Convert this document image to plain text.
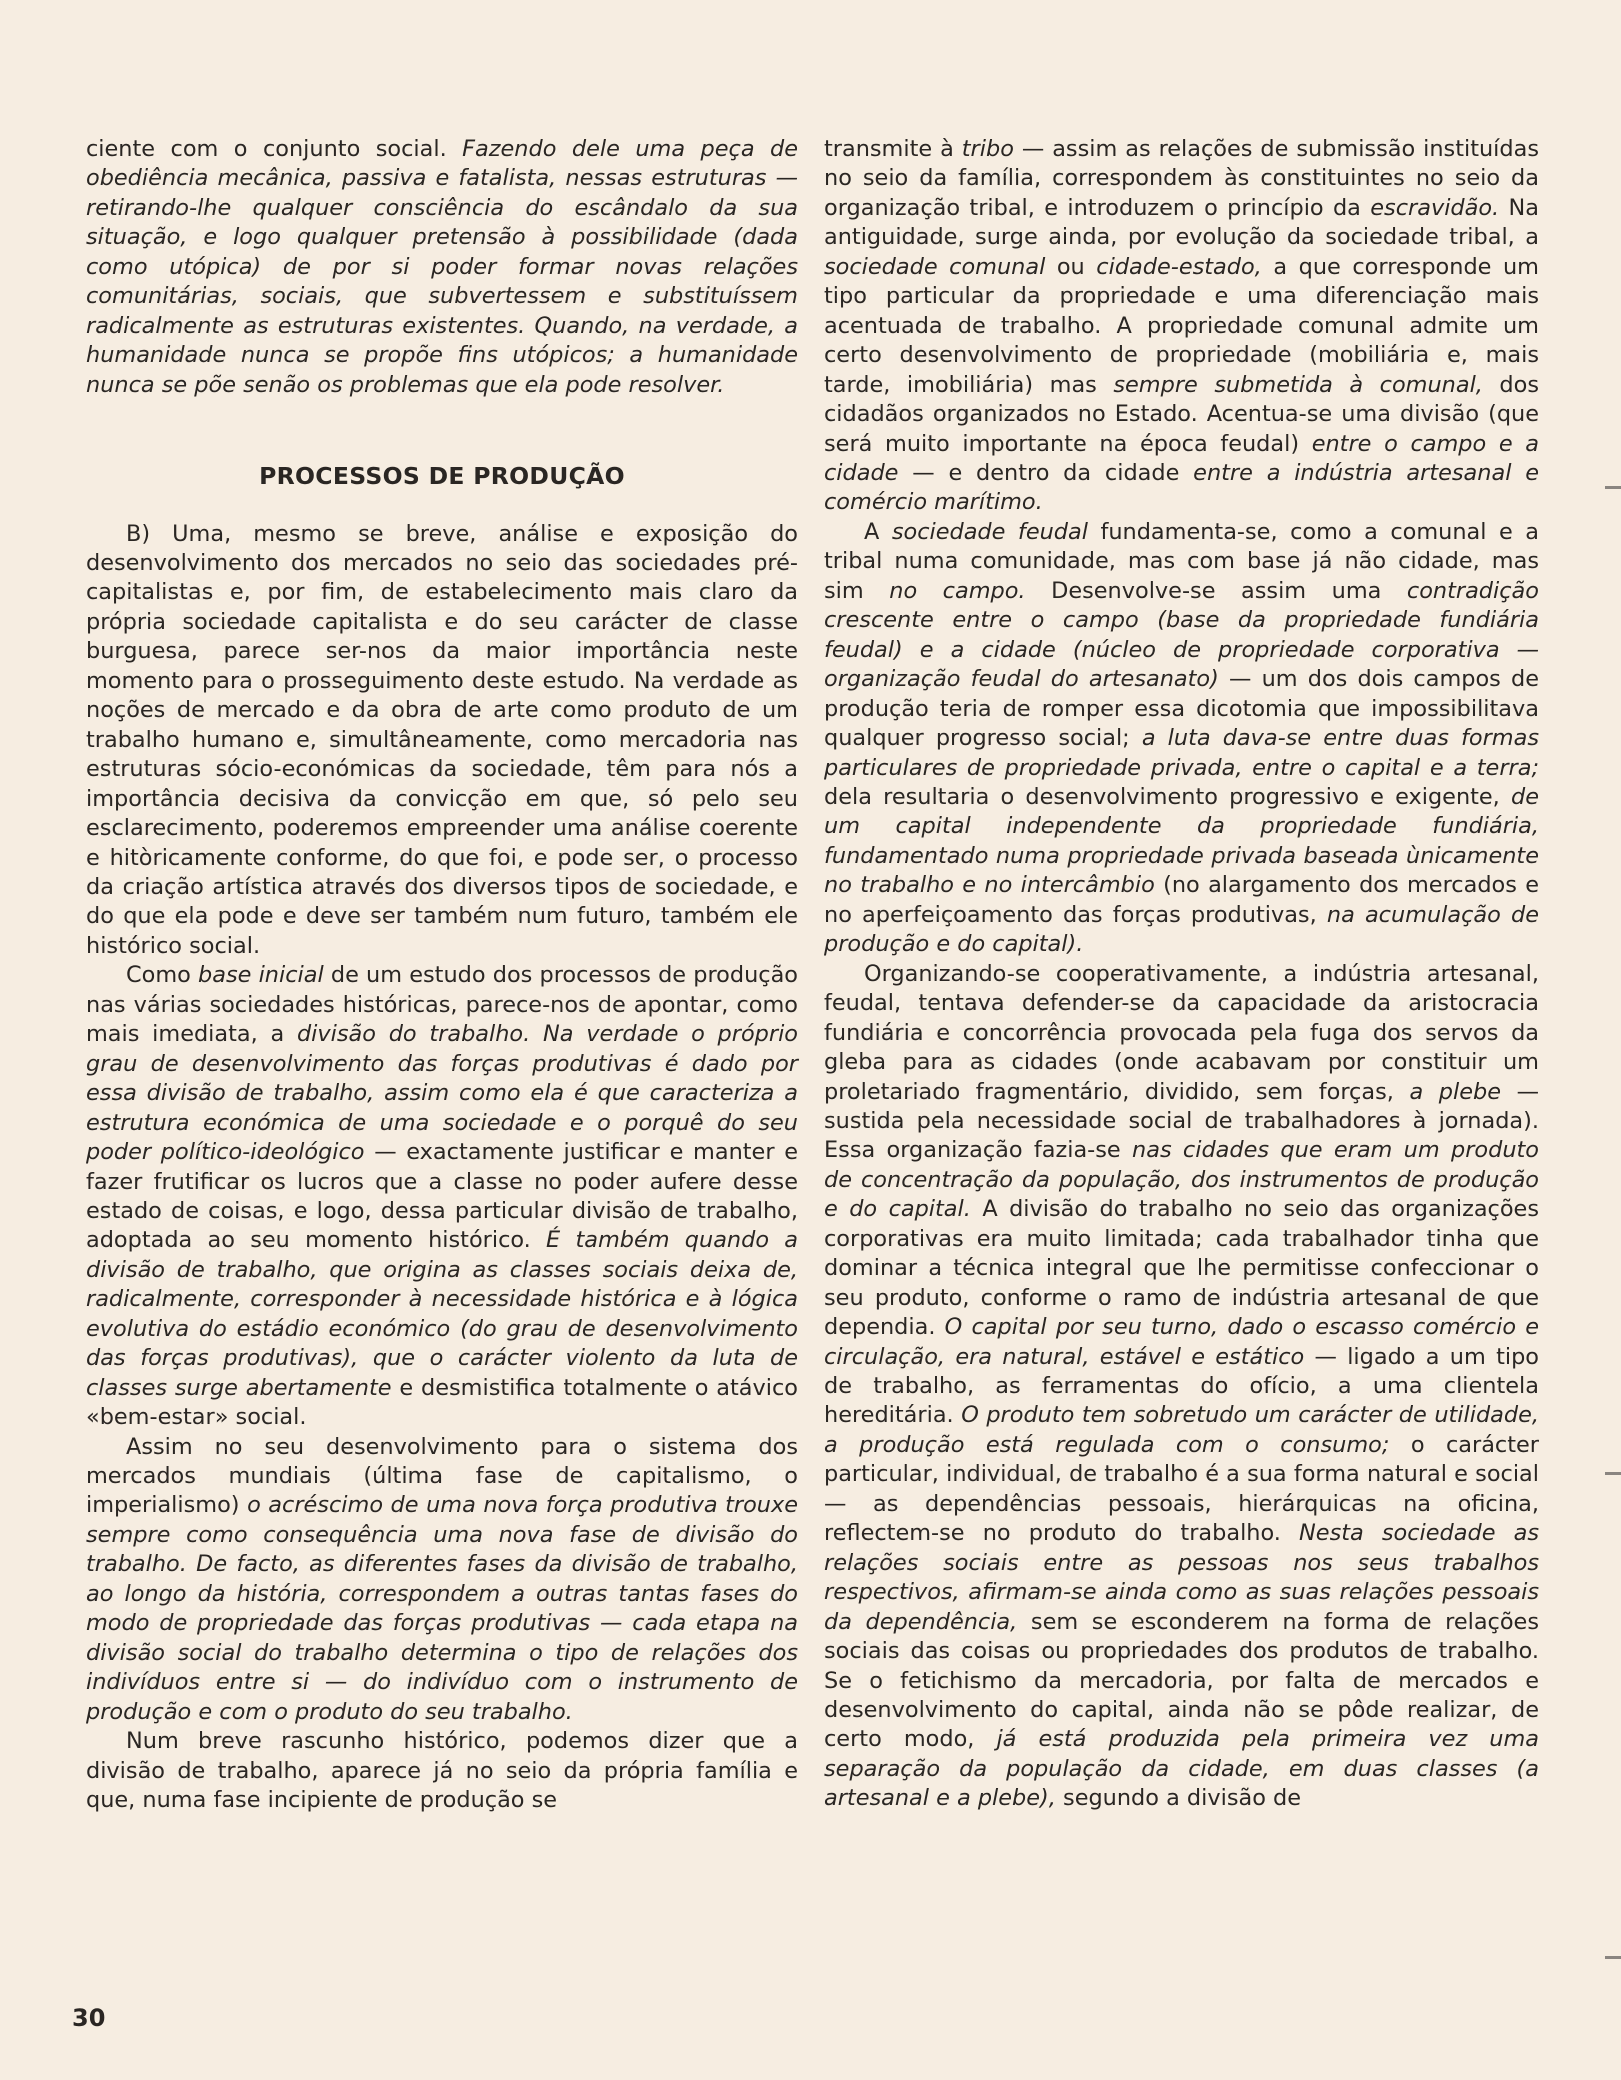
ciente com o conjunto social. Fazendo dele uma peça de obediência mecânica, passiva e fatalista, nessas estruturas — retirando-lhe qualquer consciência do escândalo da sua situação, e logo qualquer pretensão à possibilidade (dada como utópica) de por si poder formar novas relações comunitárias, sociais, que subvertessem e substituíssem radicalmente as estruturas existentes. Quando, na verdade, a humanidade nunca se propõe fins utópicos; a humanidade nunca se põe senão os problemas que ela pode resolver.

PROCESSOS DE PRODUÇÃO

B) Uma, mesmo se breve, análise e exposição do desenvolvimento dos mercados no seio das sociedades pré-capitalistas e, por fim, de estabelecimento mais claro da própria sociedade capitalista e do seu carácter de classe burguesa, parece ser-nos da maior importância neste momento para o prosseguimento deste estudo. Na verdade as noções de mercado e da obra de arte como produto de um trabalho humano e, simultâneamente, como mercadoria nas estruturas sócio-económicas da sociedade, têm para nós a importância decisiva da convicção em que, só pelo seu esclarecimento, poderemos empreender uma análise coerente e hitòricamente conforme, do que foi, e pode ser, o processo da criação artística através dos diversos tipos de sociedade, e do que ela pode e deve ser também num futuro, também ele histórico social.

Como base inicial de um estudo dos processos de produção nas várias sociedades históricas, parece-nos de apontar, como mais imediata, a divisão do trabalho. Na verdade o próprio grau de desenvolvimento das forças produtivas é dado por essa divisão de trabalho, assim como ela é que caracteriza a estrutura económica de uma sociedade e o porquê do seu poder político-ideológico — exactamente justificar e manter e fazer frutificar os lucros que a classe no poder aufere desse estado de coisas, e logo, dessa particular divisão de trabalho, adoptada ao seu momento histórico. É também quando a divisão de trabalho, que origina as classes sociais deixa de, radicalmente, corresponder à necessidade histórica e à lógica evolutiva do estádio económico (do grau de desenvolvimento das forças produtivas), que o carácter violento da luta de classes surge abertamente e desmistifica totalmente o atávico «bem-estar» social.

Assim no seu desenvolvimento para o sistema dos mercados mundiais (última fase de capitalismo, o imperialismo) o acréscimo de uma nova força produtiva trouxe sempre como consequência uma nova fase de divisão do trabalho. De facto, as diferentes fases da divisão de trabalho, ao longo da história, correspondem a outras tantas fases do modo de propriedade das forças produtivas — cada etapa na divisão social do trabalho determina o tipo de relações dos indivíduos entre si — do indivíduo com o instrumento de produção e com o produto do seu trabalho.

Num breve rascunho histórico, podemos dizer que a divisão de trabalho, aparece já no seio da própria família e que, numa fase incipiente de produção se

transmite à tribo — assim as relações de submissão instituídas no seio da família, correspondem às constituintes no seio da organização tribal, e introduzem o princípio da escravidão. Na antiguidade, surge ainda, por evolução da sociedade tribal, a sociedade comunal ou cidade-estado, a que corresponde um tipo particular da propriedade e uma diferenciação mais acentuada de trabalho. A propriedade comunal admite um certo desenvolvimento de propriedade (mobiliária e, mais tarde, imobiliária) mas sempre submetida à comunal, dos cidadãos organizados no Estado. Acentua-se uma divisão (que será muito importante na época feudal) entre o campo e a cidade — e dentro da cidade entre a indústria artesanal e comércio marítimo.

A sociedade feudal fundamenta-se, como a comunal e a tribal numa comunidade, mas com base já não cidade, mas sim no campo. Desenvolve-se assim uma contradição crescente entre o campo (base da propriedade fundiária feudal) e a cidade (núcleo de propriedade corporativa — organização feudal do artesanato) — um dos dois campos de produção teria de romper essa dicotomia que impossibilitava qualquer progresso social; a luta dava-se entre duas formas particulares de propriedade privada, entre o capital e a terra; dela resultaria o desenvolvimento progressivo e exigente, de um capital independente da propriedade fundiária, fundamentado numa propriedade privada baseada ùnicamente no trabalho e no intercâmbio (no alargamento dos mercados e no aperfeiçoamento das forças produtivas, na acumulação de produção e do capital).

Organizando-se cooperativamente, a indústria artesanal, feudal, tentava defender-se da capacidade da aristocracia fundiária e concorrência provocada pela fuga dos servos da gleba para as cidades (onde acabavam por constituir um proletariado fragmentário, dividido, sem forças, a plebe — sustida pela necessidade social de trabalhadores à jornada). Essa organização fazia-se nas cidades que eram um produto de concentração da população, dos instrumentos de produção e do capital. A divisão do trabalho no seio das organizações corporativas era muito limitada; cada trabalhador tinha que dominar a técnica integral que lhe permitisse confeccionar o seu produto, conforme o ramo de indústria artesanal de que dependia. O capital por seu turno, dado o escasso comércio e circulação, era natural, estável e estático — ligado a um tipo de trabalho, as ferramentas do ofício, a uma clientela hereditária. O produto tem sobretudo um carácter de utilidade, a produção está regulada com o consumo; o carácter particular, individual, de trabalho é a sua forma natural e social — as dependências pessoais, hierárquicas na oficina, reflectem-se no produto do trabalho. Nesta sociedade as relações sociais entre as pessoas nos seus trabalhos respectivos, afirmam-se ainda como as suas relações pessoais da dependência, sem se esconderem na forma de relações sociais das coisas ou propriedades dos produtos de trabalho. Se o fetichismo da mercadoria, por falta de mercados e desenvolvimento do capital, ainda não se pôde realizar, de certo modo, já está produzida pela primeira vez uma separação da população da cidade, em duas classes (a artesanal e a plebe), segundo a divisão de

30
